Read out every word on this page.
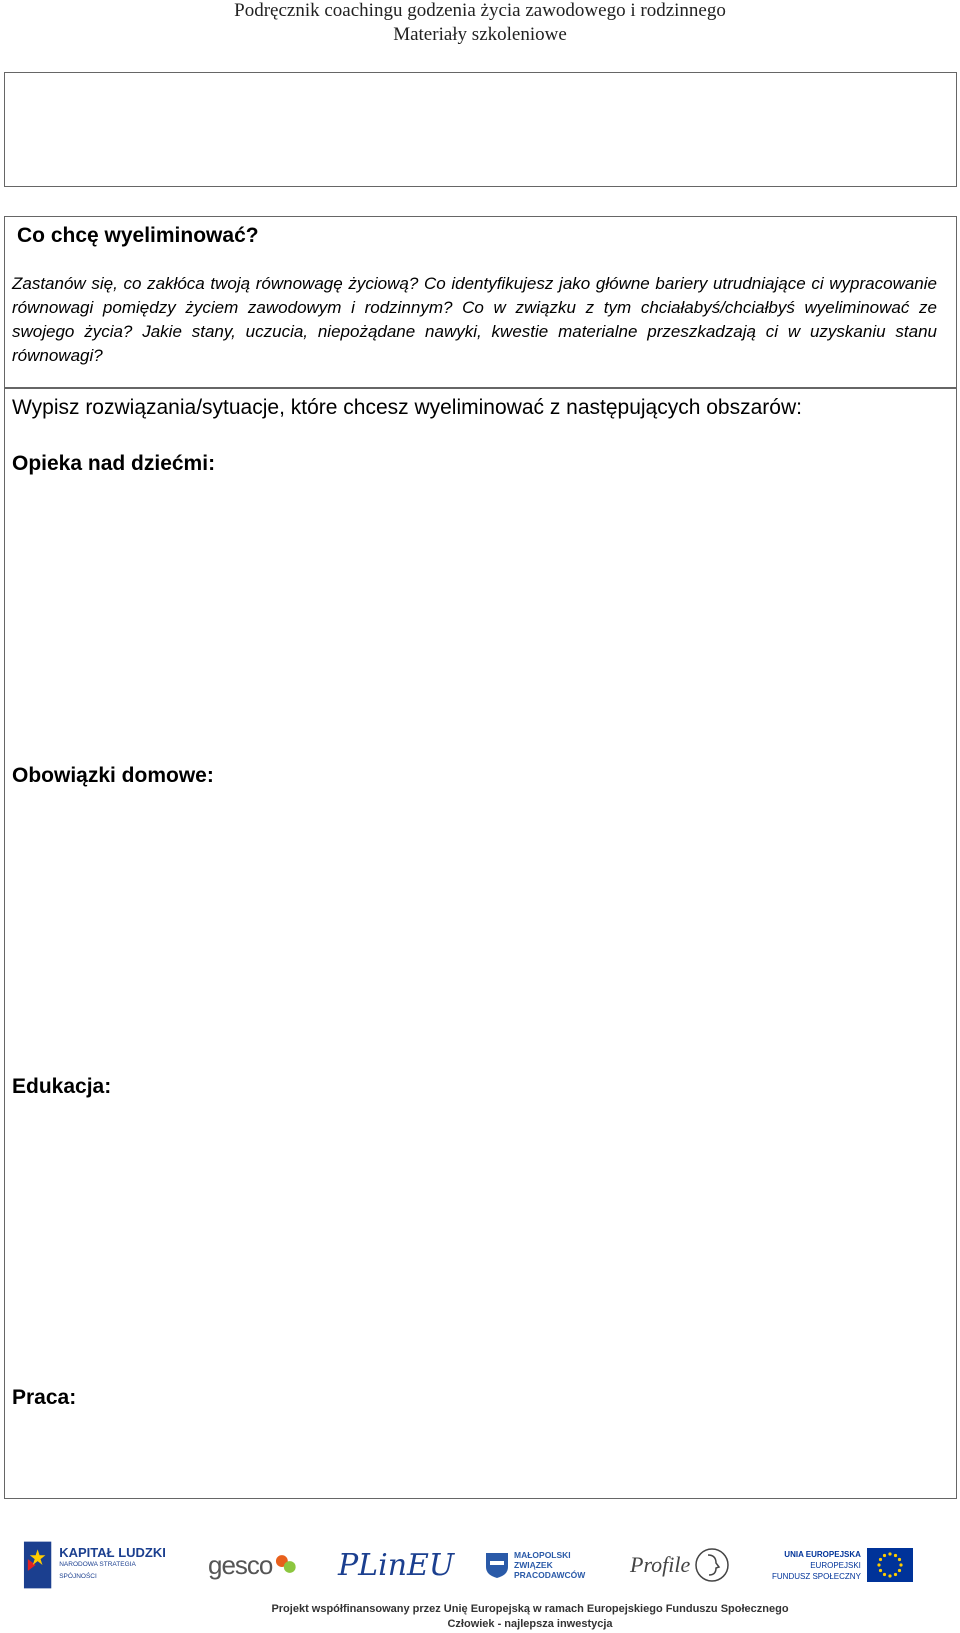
Podręcznik coachingu godzenia życia zawodowego i rodzinnego
Materiały szkoleniowe
Co chcę wyeliminować?
Zastanów się, co zakłóca twoją równowagę życiową? Co identyfikujesz jako główne bariery utrudniające ci wypracowanie równowagi pomiędzy życiem zawodowym i rodzinnym? Co w związku z tym chciałabyś/chciałbyś wyeliminować ze swojego życia? Jakie stany, uczucia, niepożądane nawyki, kwestie materialne przeszkadzają ci w uzyskaniu stanu równowagi?
Wypisz rozwiązania/sytuacje, które chcesz wyeliminować z następujących obszarów:
Opieka nad dziećmi:
Obowiązki domowe:
Edukacja:
Praca:
KAPITAŁ LUDZKI
NARODOWA STRATEGIA SPÓJNOŚCI	gesco PLinEU	MAŁOPOLSKI
ZWIĄZEK
PRACODAWCÓW Profile	UNIA EUROPEJSKA
EUROPEJSKI
FUNDUSZ SPOŁECZNY
Projekt współfinansowany przez Unię Europejską w ramach Europejskiego Funduszu Społecznego
Człowiek - najlepsza inwestycja
